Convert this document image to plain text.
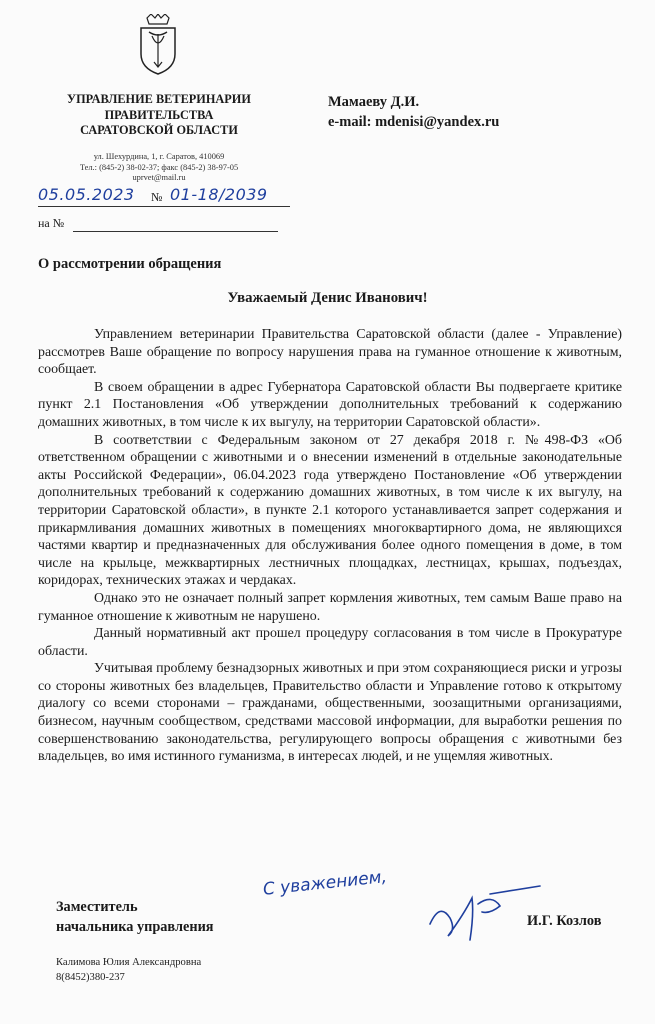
УПРАВЛЕНИЕ ВЕТЕРИНАРИИ
ПРАВИТЕЛЬСТВА
САРАТОВСКОЙ ОБЛАСТИ
ул. Шехурдина, 1, г. Саратов, 410069
Тел.: (845-2) 38-02-37; факс (845-2) 38-97-05
uprvet@mail.ru
Мамаеву Д.И.
e-mail: mdenisi@yandex.ru
05.05.2023 № 01-18/2039
на №
О рассмотрении обращения
Уважаемый Денис Иванович!

Управлением ветеринарии Правительства Саратовской области (далее - Управление) рассмотрев Ваше обращение по вопросу нарушения права на гуманное отношение к животным, сообщает.

В своем обращении в адрес Губернатора Саратовской области Вы подвергаете критике пункт 2.1 Постановления «Об утверждении дополнительных требований к содержанию домашних животных, в том числе к их выгулу, на территории Саратовской области».

В соответствии с Федеральным законом от 27 декабря 2018 г. №498-ФЗ «Об ответственном обращении с животными и о внесении изменений в отдельные законодательные акты Российской Федерации», 06.04.2023 года утверждено Постановление «Об утверждении дополнительных требований к содержанию домашних животных, в том числе к их выгулу, на территории Саратовской области», в пункте 2.1 которого устанавливается запрет содержания и прикармливания домашних животных в помещениях многоквартирного дома, не являющихся частями квартир и предназначенных для обслуживания более одного помещения в доме, в том числе на крыльце, межквартирных лестничных площадках, лестницах, крышах, подъездах, коридорах, технических этажах и чердаках.

Однако это не означает полный запрет кормления животных, тем самым Ваше право на гуманное отношение к животным не нарушено.

Данный нормативный акт прошел процедуру согласования в том числе в Прокуратуре области.

Учитывая проблему безнадзорных животных и при этом сохраняющиеся риски и угрозы со стороны животных без владельцев, Правительство области и Управление готово к открытому диалогу со всеми сторонами – гражданами, общественными, зоозащитными организациями, бизнесом, научным сообществом, средствами массовой информации, для выработки решения по совершенствованию законодательства, регулирующего вопросы обращения с животными без владельцев, во имя истинного гуманизма, в интересах людей, и не ущемляя животных.

Заместитель
начальника управления
С уважением,
И.Г. Козлов
Калимова Юлия Александровна
8(8452)380-237
